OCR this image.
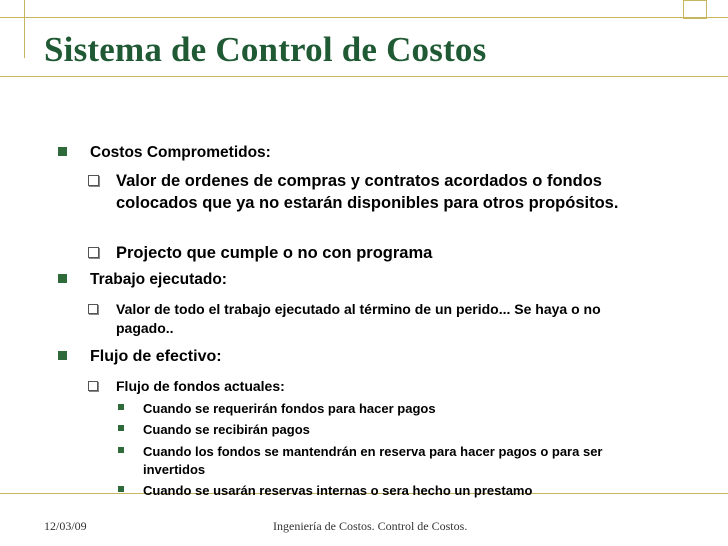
Sistema de Control de Costos
Costos Comprometidos:
Valor de ordenes de compras y contratos acordados o fondos colocados que ya no estarán disponibles para otros propósitos.
Projecto que cumple o no con programa
Trabajo ejecutado:
Valor de todo el trabajo ejecutado al término de un perido... Se haya o no pagado..
Flujo de efectivo:
Flujo de fondos actuales:
Cuando se requerirán fondos para hacer pagos
Cuando se recibirán pagos
Cuando los fondos se mantendrán en reserva para hacer pagos o para ser invertidos
Cuando se usarán reservas internas o sera hecho un prestamo
12/03/09	Ingeniería de Costos. Control de Costos.
